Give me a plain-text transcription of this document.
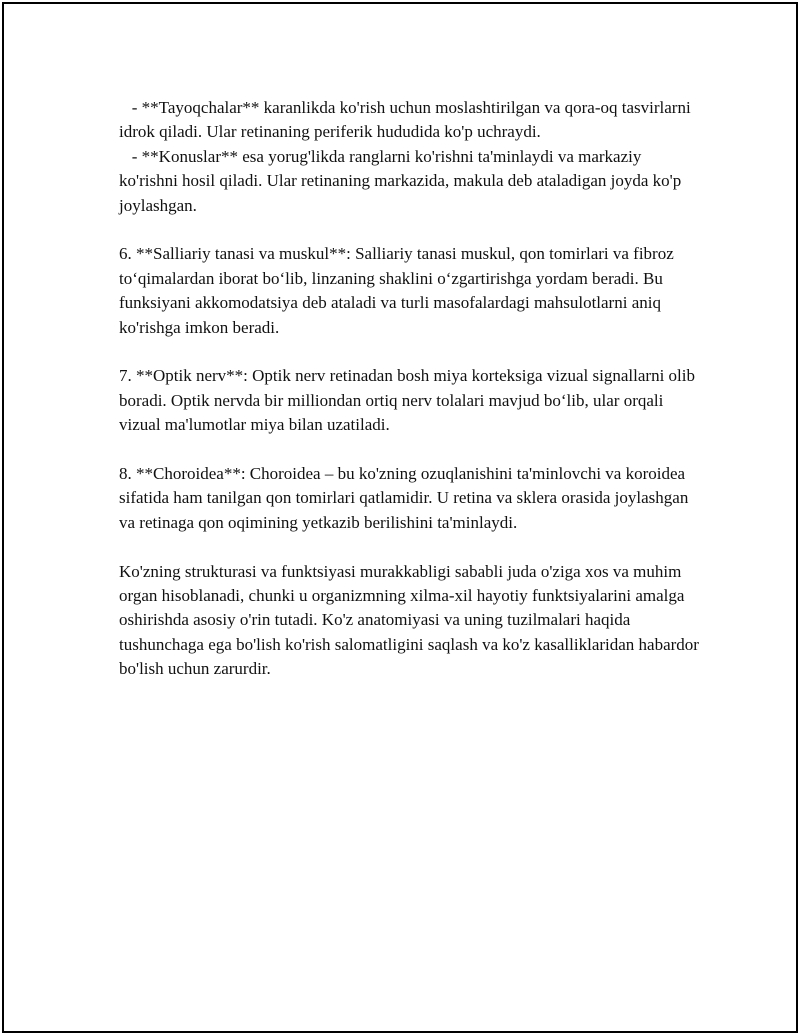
- **Tayoqchalar** karanlikda ko'rish uchun moslashtirilgan va qora-oq tasvirlarni idrok qiladi. Ular retinaning periferik hududida ko'p uchraydi.

- **Konuslar** esa yorug'likda ranglarni ko'rishni ta'minlaydi va markaziy ko'rishni hosil qiladi. Ular retinaning markazida, makula deb ataladigan joyda ko'p joylashgan.

6. **Salliariy tanasi va muskul**: Salliariy tanasi muskul, qon tomirlari va fibroz to‘qimalardan iborat bo‘lib, linzaning shaklini o‘zgartirishga yordam beradi. Bu funksiyani akkomodatsiya deb ataladi va turli masofalardagi mahsulotlarni aniq ko'rishga imkon beradi.

7. **Optik nerv**: Optik nerv retinadan bosh miya korteksiga vizual signallarni olib boradi. Optik nervda bir milliondan ortiq nerv tolalari mavjud bo‘lib, ular orqali vizual ma'lumotlar miya bilan uzatiladi.

8. **Choroidea**: Choroidea – bu ko'zning ozuqlanishini ta'minlovchi va koroidea sifatida ham tanilgan qon tomirlari qatlamidir. U retina va sklera orasida joylashgan va retinaga qon oqimining yetkazib berilishini ta'minlaydi.

Ko'zning strukturasi va funktsiyasi murakkabligi sababli juda o'ziga xos va muhim organ hisoblanadi, chunki u organizmning xilma-xil hayotiy funktsiyalarini amalga oshirishda asosiy o'rin tutadi. Ko'z anatomiyasi va uning tuzilmalari haqida tushunchaga ega bo'lish ko'rish salomatligini saqlash va ko'z kasalliklaridan habardor bo'lish uchun zarurdir.
